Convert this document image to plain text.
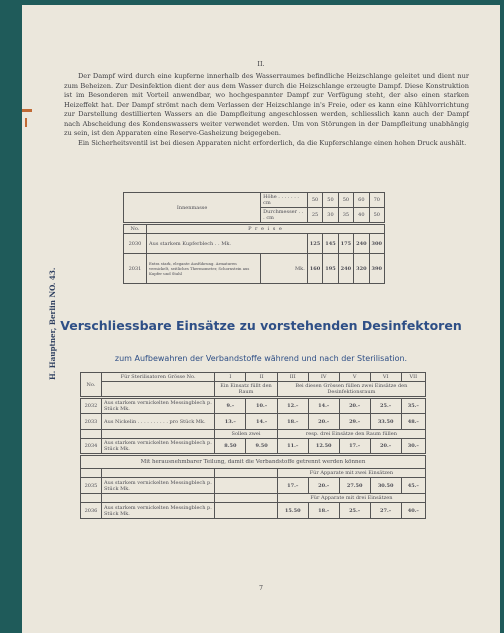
II.

Der Dampf wird durch eine kupferne innerhalb des Wasserraumes befindliche Heizschlange geleitet und dient nur zum Beheizen. Zur Desinfektion dient der aus dem Wasser durch die Heizschlange erzeugte Dampf. Diese Konstruktion ist im Besonderen mit Vorteil anwendbar, wo hochgespannter Dampf zur Verfügung steht, der also einen starken Heizeffekt hat. Der Dampf strömt nach dem Verlassen der Heizschlange in's Freie, oder es kann eine Kühlvorrichtung zur Darstellung destillierten Wassers an die Dampfleitung angeschlossen werden, schliesslich kann auch der Dampf nach Abscheidung des Kondenswassers weiter verwendet werden. Um von Störungen in der Dampfleitung unabhängig zu sein, ist den Apparaten eine Reserve-Gasheizung beigegeben.

Ein Sicherheitsventil ist bei diesen Apparaten nicht erforderlich, da die Kupferschlange einen hohen Druck aushält.

H. Hauptner, Berlin NO. 43.
Innenmasse		Höhe . . . . . . . cm	50	50	50	60	70
		Durchmesser . . . cm	25	30	35	40	50
No.	P r e i s e						
2030	Aus starkem Kupferblech . . Mk.		125	145	175	240	300
2031	Extra stark, elegante Ausführung. Armaturen vernickelt, seitliches Thermometer, Schornstein aus Kupfer und Stahl	Mk.	160	195	240	320	390
Verschliessbare Einsätze zu vorstehenden Desinfektoren
zum Aufbewahren der Verbandstoffe während und nach der Sterilisation.
No.	Für Sterilisatoren Grösse No.	I	II	III	IV	V	VI	VII
		Ein Einsatz füllt den Raum		Bei diesen Grössen füllen zwei Einsätze den Desinfektionsraum				
2032	Aus starkem vernickelten Messingblech p. Stück Mk.	9.–	10.–	12.–	14.–	20.–	25.–	35.–
2033	Aus Nickelin . . . . . . . . . . pro Stück Mk.	13.–	14.–	18.–	20.–	29.–	33.50	48.–
		Sollen zwei		resp. drei Einsätze den Raum füllen				
2034	Aus starkem vernickelten Messingblech p. Stück Mk.	8.50	9.50	11.–	12.50	17.–	20.–	30.–
Mit herausnehmbarer Teilung, damit die Verbandstoffe getrennt werden können								
				Für Apparate mit zwei Einsätzen				
2035	Aus starkem vernickelten Messingblech p. Stück Mk.			17.–	20.–	27.50	30.50	45.–
				Für Apparate mit drei Einsätzen				
2036	Aus starkem vernickelten Messingblech p. Stück Mk.			15.50	18.–	25.–	27.–	40.–
7
